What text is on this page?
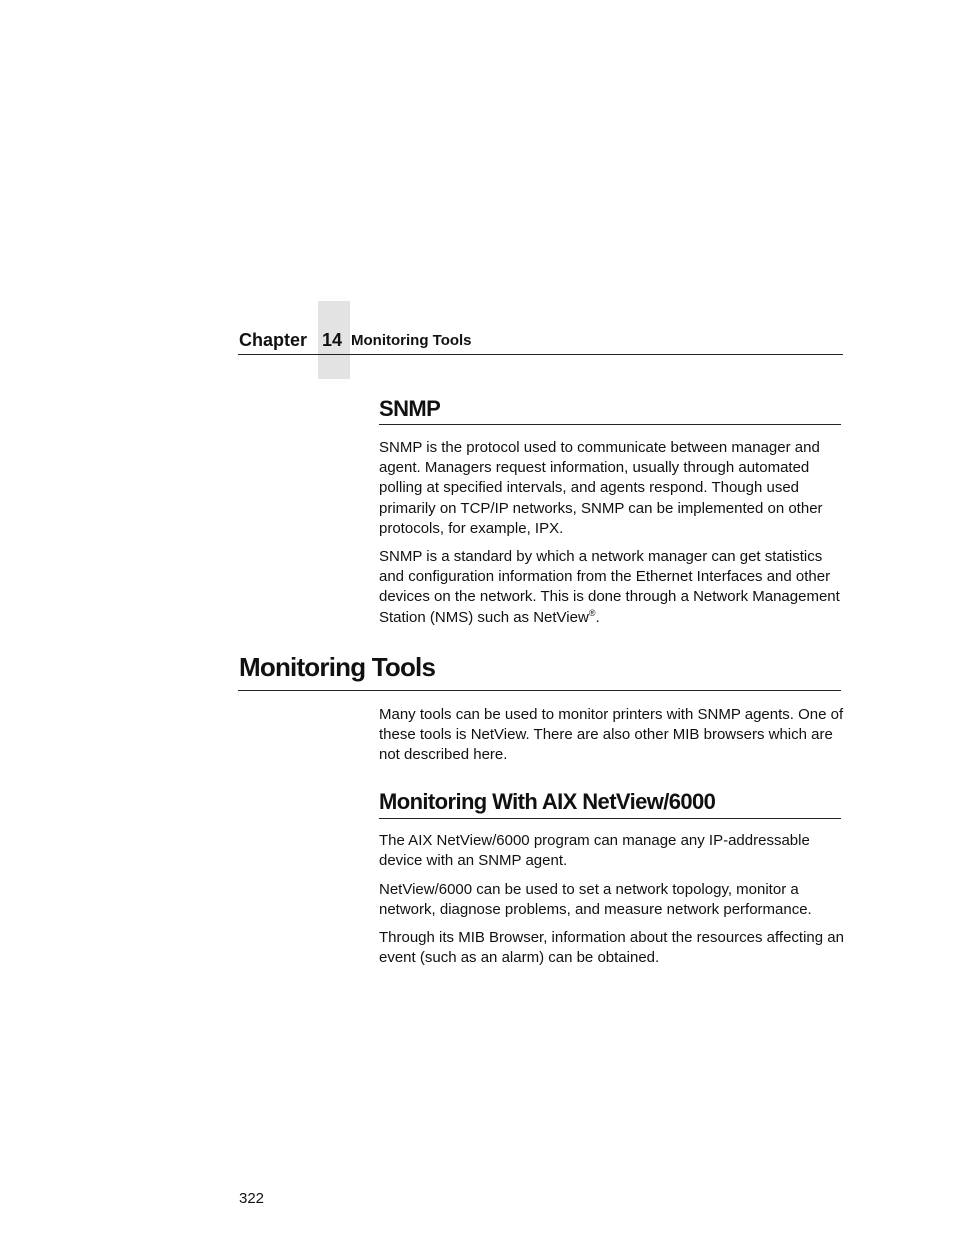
Chapter 14 Monitoring Tools
SNMP

SNMP is the protocol used to communicate between manager and agent. Managers request information, usually through automated polling at specified intervals, and agents respond. Though used primarily on TCP/IP networks, SNMP can be implemented on other protocols, for example, IPX.

SNMP is a standard by which a network manager can get statistics and configuration information from the Ethernet Interfaces and other devices on the network. This is done through a Network Management Station (NMS) such as NetView®.

Monitoring Tools

Many tools can be used to monitor printers with SNMP agents. One of these tools is NetView. There are also other MIB browsers which are not described here.

Monitoring With AIX NetView/6000

The AIX NetView/6000 program can manage any IP-addressable device with an SNMP agent.

NetView/6000 can be used to set a network topology, monitor a network, diagnose problems, and measure network performance.

Through its MIB Browser, information about the resources affecting an event (such as an alarm) can be obtained.

322
